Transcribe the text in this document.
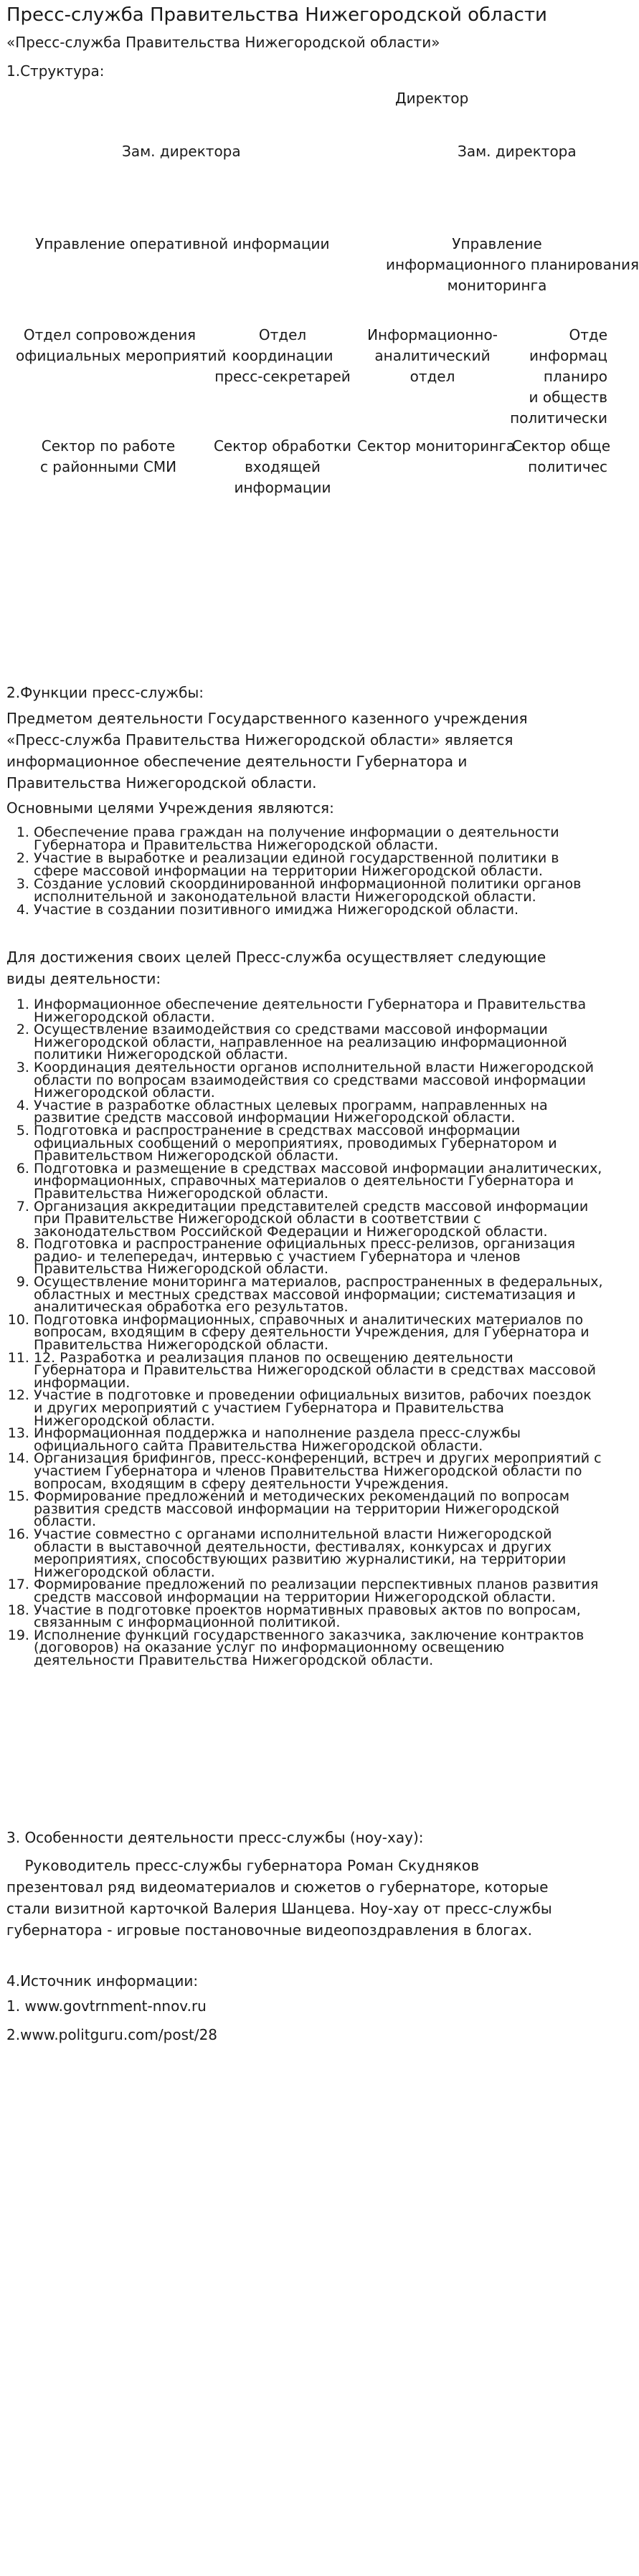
Пресс-служба Правительства Нижегородской области
«Пресс-служба Правительства Нижегородской области»
1.Структура:
Директор
Зам. директора	Зам. директора
Управление оперативной информации	Управление
информационного планирования
мониторинга
Отдел сопровождения
официальных мероприятий
Отдел
координации
пресс-секретарей
Информационно-
аналитический
отдел
Отде
информац
планиро
и обществ
политически
Сектор по работе
с районными СМИ
Сектор обработки
входящей
информации
Сектор мониторинга
Сектор обще
политичес
2.Функции пресс-службы:

Предметом деятельности Государственного казенного учреждения «Пресс-служба Правительства Нижегородской области» является информационное обеспечение деятельности Губернатора и Правительства Нижегородской области.

Основными целями Учреждения являются:

1. Обеспечение права граждан на получение информации о деятельности Губернатора и Правительства Нижегородской области.
2. Участие в выработке и реализации единой государственной политики в сфере массовой информации на территории Нижегородской области.
3. Создание условий скоординированной информационной политики органов исполнительной и законодательной власти Нижегородской области.
4. Участие в создании позитивного имиджа Нижегородской области.

Для достижения своих целей Пресс-служба осуществляет следующие виды деятельности:

1. Информационное обеспечение деятельности Губернатора и Правительства Нижегородской области.
2. Осуществление взаимодействия со средствами массовой информации Нижегородской области, направленное на реализацию информационной политики Нижегородской области.
3. Координация деятельности органов исполнительной власти Нижегородской области по вопросам взаимодействия со средствами массовой информации Нижегородской области.
4. Участие в разработке областных целевых программ, направленных на развитие средств массовой информации Нижегородской области.
5. Подготовка и распространение в средствах массовой информации официальных сообщений о мероприятиях, проводимых Губернатором и Правительством Нижегородской области.
6. Подготовка и размещение в средствах массовой информации аналитических, информационных, справочных материалов о деятельности Губернатора и Правительства Нижегородской области.
7. Организация аккредитации представителей средств массовой информации при Правительстве Нижегородской области в соответствии с законодательством Российской Федерации и Нижегородской области.
8. Подготовка и распространение официальных пресс-релизов, организация радио- и телепередач, интервью с участием Губернатора и членов Правительства Нижегородской области.
9. Осуществление мониторинга материалов, распространенных в федеральных, областных и местных средствах массовой информации; систематизация и аналитическая обработка его результатов.
10. Подготовка информационных, справочных и аналитических материалов по вопросам, входящим в сферу деятельности Учреждения, для Губернатора и Правительства Нижегородской области.
11. 12. Разработка и реализация планов по освещению деятельности Губернатора и Правительства Нижегородской области в средствах массовой информации.
12. Участие в подготовке и проведении официальных визитов, рабочих поездок и других мероприятий с участием Губернатора и Правительства Нижегородской области.
13. Информационная поддержка и наполнение раздела пресс-службы официального сайта Правительства Нижегородской области.
14. Организация брифингов, пресс-конференций, встреч и других мероприятий с участием Губернатора и членов Правительства Нижегородской области по вопросам, входящим в сферу деятельности Учреждения.
15. Формирование предложений и методических рекомендаций по вопросам развития средств массовой информации на территории Нижегородской области.
16. Участие совместно с органами исполнительной власти Нижегородской области в выставочной деятельности, фестивалях, конкурсах и других мероприятиях, способствующих развитию журналистики, на территории Нижегородской области.
17. Формирование предложений по реализации перспективных планов развития средств массовой информации на территории Нижегородской области.
18. Участие в подготовке проектов нормативных правовых актов по вопросам, связанным с информационной политикой.
19. Исполнение функций государственного заказчика, заключение контрактов (договоров) на оказание услуг по информационному освещению деятельности Правительства Нижегородской области.
3. Особенности деятельности пресс-службы (ноу-хау):

Руководитель пресс-службы губернатора Роман Скудняков презентовал ряд видеоматериалов и сюжетов о губернаторе, которые стали визитной карточкой Валерия Шанцева. Ноу-хау от пресс-службы губернатора - игровые постановочные видеопоздравления в блогах.

4.Источник информации:
1. www.govtrnment-nnov.ru
2.www.politguru.com/post/28
